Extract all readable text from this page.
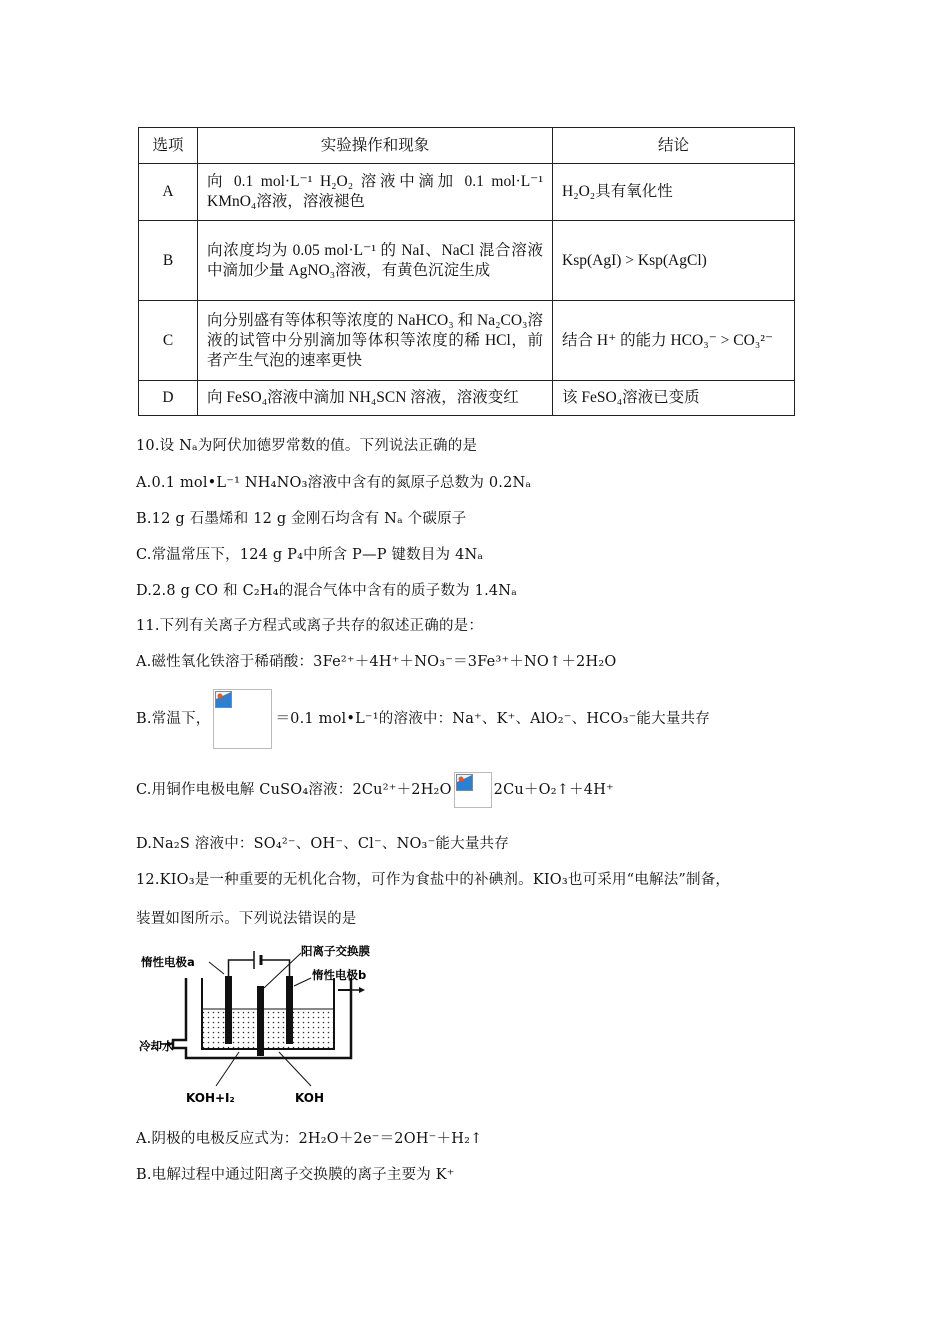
选项	实验操作和现象	结论
A	向 0.1 mol·L⁻¹ H₂O₂ 溶液中滴加 0.1 mol·L⁻¹ KMnO₄溶液，溶液褪色	H₂O₂具有氧化性
B	向浓度均为 0.05 mol·L⁻¹ 的 NaI、NaCl 混合溶液中滴加少量 AgNO₃溶液，有黄色沉淀生成	Ksp(AgI) > Ksp(AgCl)
C	向分别盛有等体积等浓度的 NaHCO₃ 和 Na₂CO₃溶液的试管中分别滴加等体积等浓度的稀 HCl，前者产生气泡的速率更快	结合 H⁺ 的能力 HCO₃⁻ > CO₃²⁻
D	向 FeSO₄溶液中滴加 NH₄SCN 溶液，溶液变红	该 FeSO₄溶液已变质
10.设 Nₐ为阿伏加德罗常数的值。下列说法正确的是
A.0.1 mol•L⁻¹ NH₄NO₃溶液中含有的氮原子总数为 0.2Nₐ
B.12 g 石墨烯和 12 g 金刚石均含有 Nₐ 个碳原子
C.常温常压下，124 g P₄中所含 P—P 键数目为 4Nₐ
D.2.8 g CO 和 C₂H₄的混合气体中含有的质子数为 1.4Nₐ
11.下列有关离子方程式或离子共存的叙述正确的是：
A.磁性氧化铁溶于稀硝酸：3Fe²⁺＋4H⁺＋NO₃⁻＝3Fe³⁺＋NO↑＋2H₂O
B.常温下，	＝0.1 mol•L⁻¹的溶液中：Na⁺、K⁺、AlO₂⁻、HCO₃⁻能大量共存
C.用铜作电极电解 CuSO₄溶液：2Cu²⁺＋2H₂O	2Cu＋O₂↑＋4H⁺
D.Na₂S 溶液中：SO₄²⁻、OH⁻、Cl⁻、NO₃⁻能大量共存
12.KIO₃是一种重要的无机化合物，可作为食盐中的补碘剂。KIO₃也可采用“电解法”制备，
装置如图所示。下列说法错误的是
惰性电极a
阳离子交换膜
惰性电极b
冷却水
KOH+I₂	KOH
A.阴极的电极反应式为：2H₂O＋2e⁻＝2OH⁻＋H₂↑
B.电解过程中通过阳离子交换膜的离子主要为 K⁺
